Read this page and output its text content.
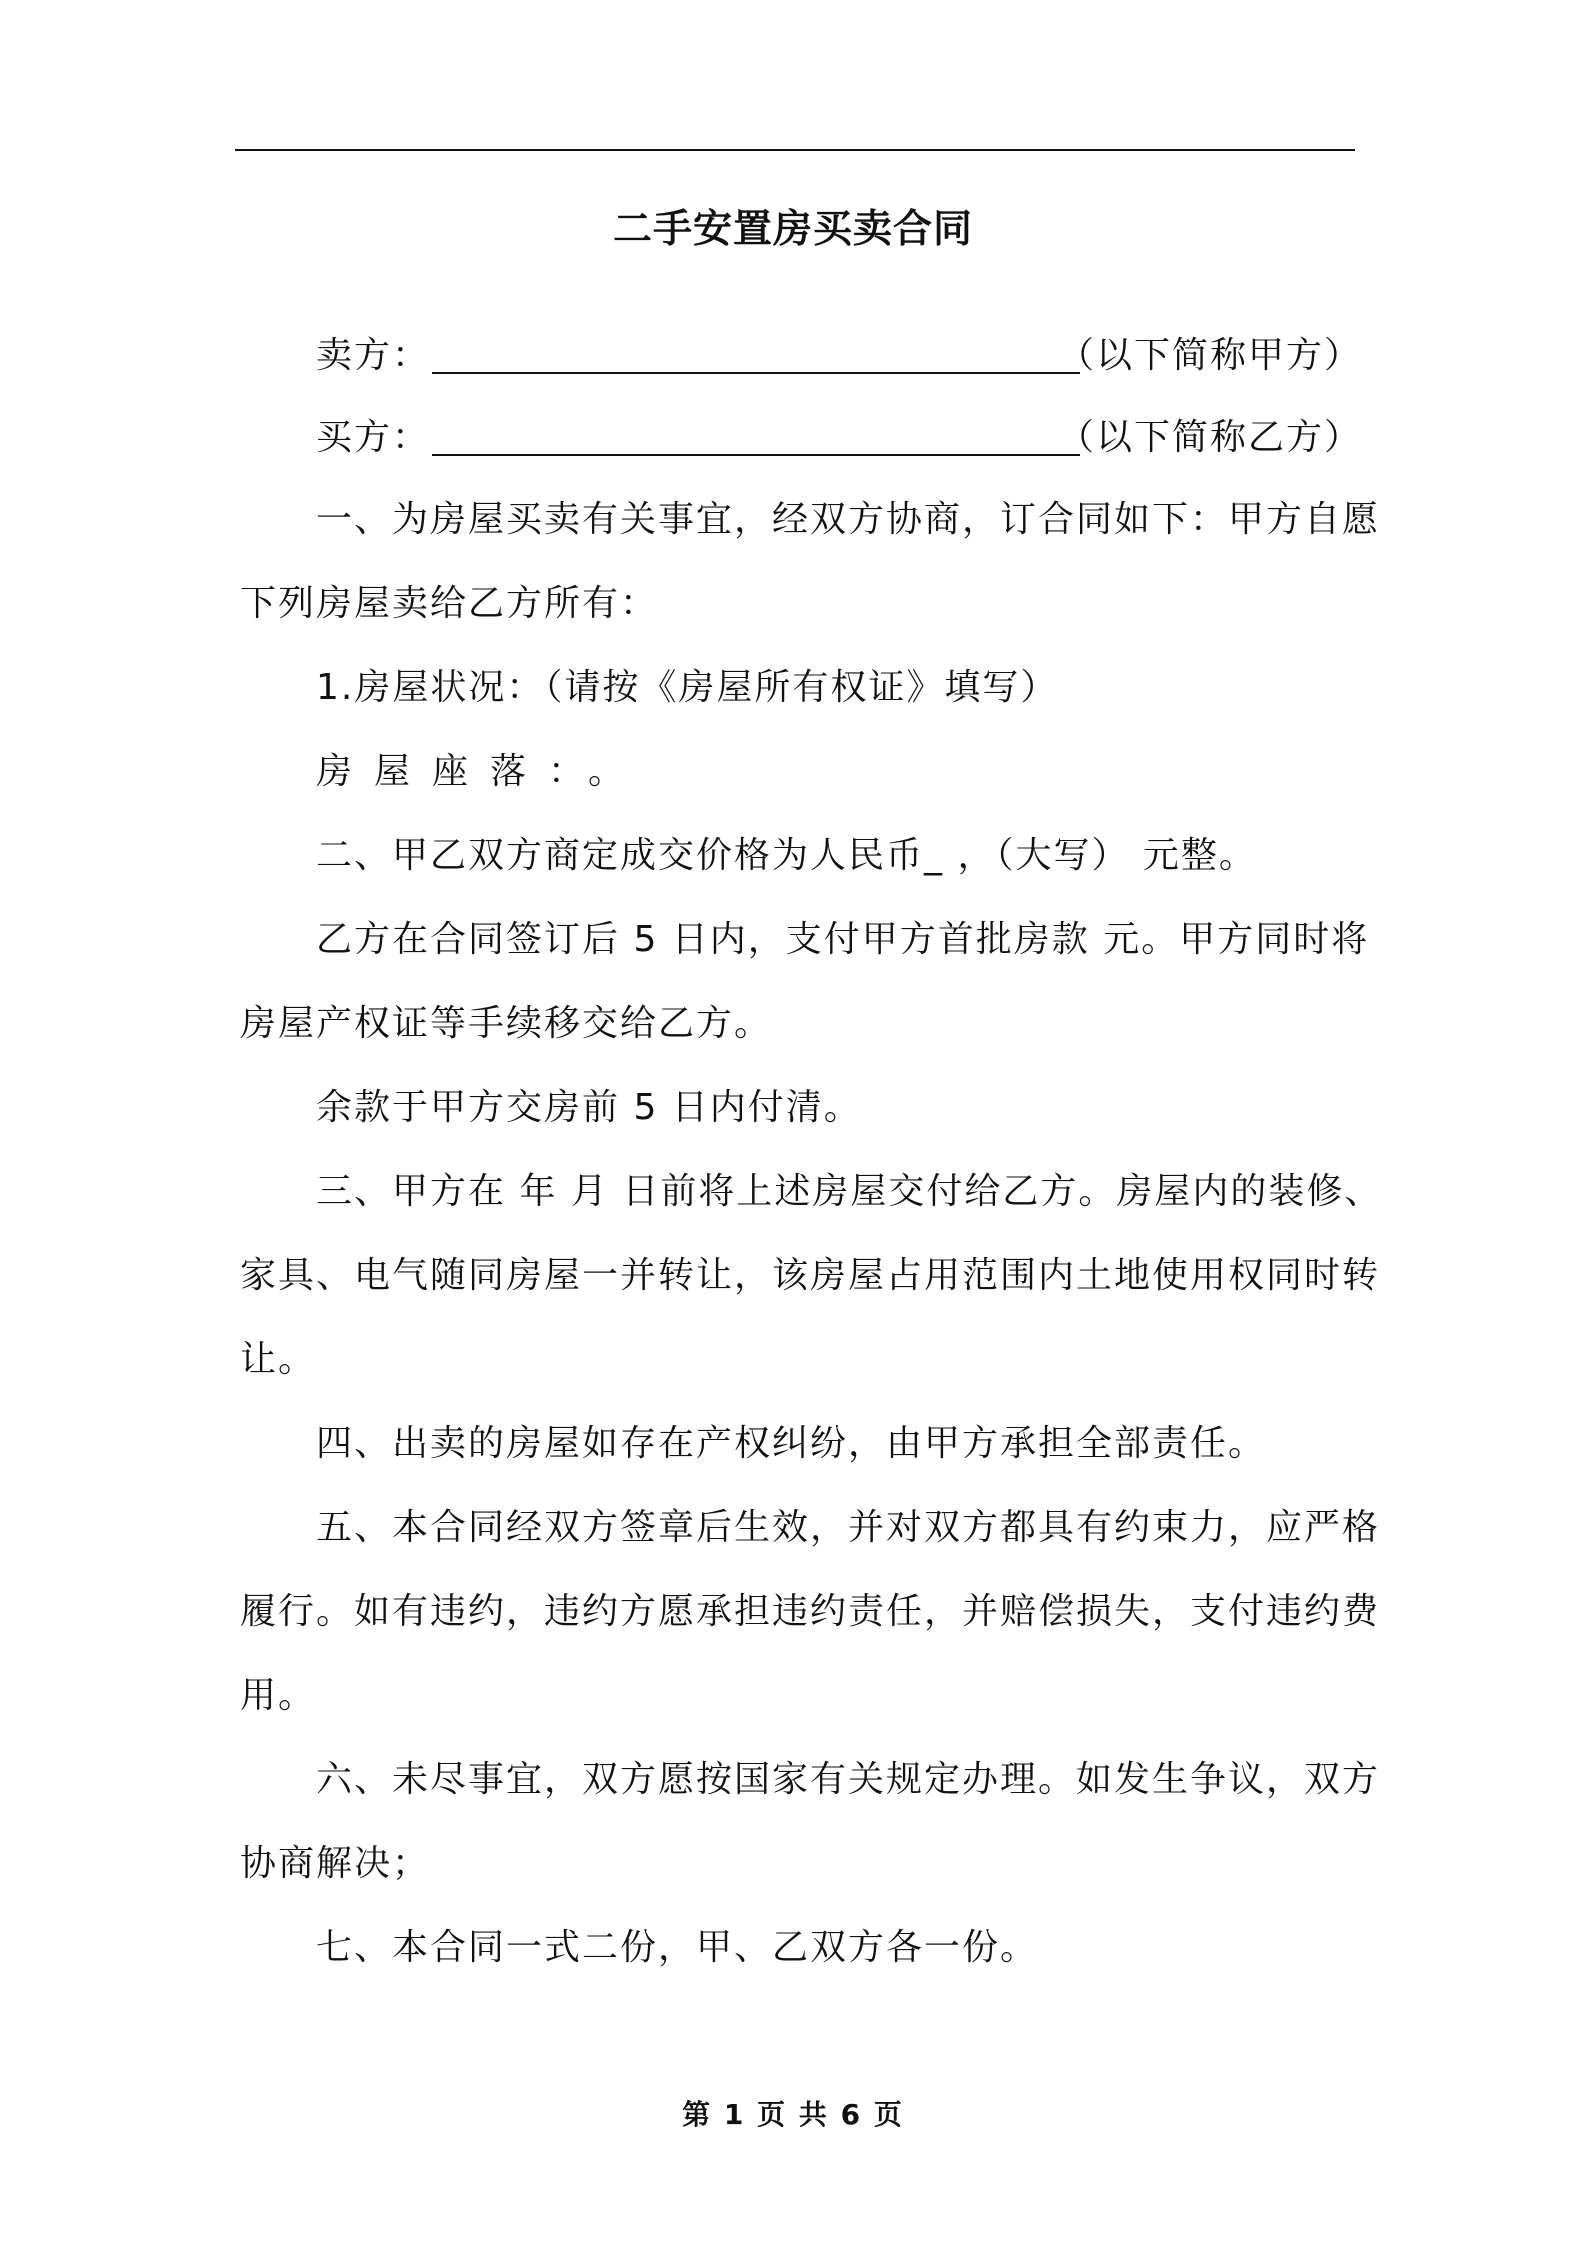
二手安置房买卖合同
卖方：	（以下简称甲方）
买方：	（以下简称乙方）
一、为房屋买卖有关事宜，经双方协商，订合同如下：甲方自愿
下列房屋卖给乙方所有：
1.房屋状况：（请按《房屋所有权证》填写）
房屋座落：。
二、甲乙双方商定成交价格为人民币_ ，（大写） 元整。
乙方在合同签订后 5 日内，支付甲方首批房款 元。甲方同时将
房屋产权证等手续移交给乙方。
余款于甲方交房前 5 日内付清。
三、甲方在 年 月 日前将上述房屋交付给乙方。房屋内的装修、
家具、电气随同房屋一并转让，该房屋占用范围内土地使用权同时转
让。
四、出卖的房屋如存在产权纠纷，由甲方承担全部责任。
五、本合同经双方签章后生效，并对双方都具有约束力，应严格
履行。如有违约，违约方愿承担违约责任，并赔偿损失，支付违约费
用。
六、未尽事宜，双方愿按国家有关规定办理。如发生争议，双方
协商解决；
七、本合同一式二份，甲、乙双方各一份。
第 1 页 共 6 页
